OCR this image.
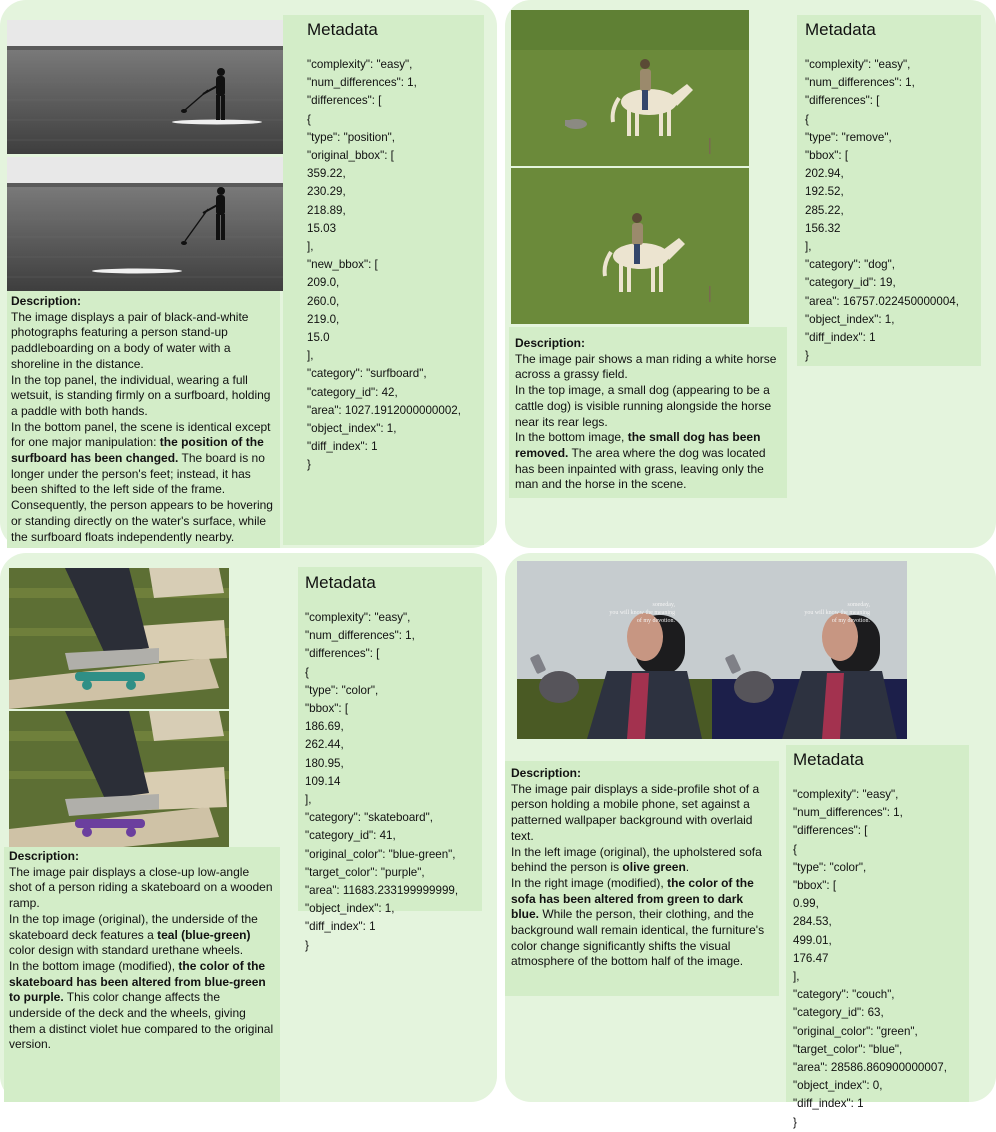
Metadata
"complexity": "easy",
"num_differences": 1,
"differences": [
{
"type": "position",
"original_bbox": [
359.22,
230.29,
218.89,
15.03
],
"new_bbox": [
209.0,
260.0,
219.0,
15.0
],
"category": "surfboard",
"category_id": 42,
"area": 1027.1912000000002,
"object_index": 1,
"diff_index": 1
}
Description:

The image displays a pair of black-and-white photographs featuring a person stand-up paddleboarding on a body of water with a shoreline in the distance.

In the top panel, the individual, wearing a full wetsuit, is standing firmly on a surfboard, holding a paddle with both hands.

In the bottom panel, the scene is identical except for one major manipulation: the position of the surfboard has been changed. The board is no longer under the person's feet; instead, it has been shifted to the left side of the frame. Consequently, the person appears to be hovering or standing directly on the water's surface, while the surfboard floats independently nearby.

Metadata
"complexity": "easy",
"num_differences": 1,
"differences": [
{
"type": "remove",
"bbox": [
202.94,
192.52,
285.22,
156.32
],
"category": "dog",
"category_id": 19,
"area": 16757.022450000004,
"object_index": 1,
"diff_index": 1
}
Description:

The image pair shows a man riding a white horse across a grassy field.

In the top image, a small dog (appearing to be a cattle dog) is visible running alongside the horse near its rear legs.

In the bottom image, the small dog has been removed. The area where the dog was located has been inpainted with grass, leaving only the man and the horse in the scene.

Metadata
"complexity": "easy",
"num_differences": 1,
"differences": [
{
"type": "color",
"bbox": [
186.69,
262.44,
180.95,
109.14
],
"category": "skateboard",
"category_id": 41,
"original_color": "blue-green",
"target_color": "purple",
"area": 11683.233199999999,
"object_index": 1,
"diff_index": 1
}
Description:

The image pair displays a close-up low-angle shot of a person riding a skateboard on a wooden ramp.

In the top image (original), the underside of the skateboard deck features a teal (blue-green) color design with standard urethane wheels.

In the bottom image (modified), the color of the skateboard has been altered from blue-green to purple. This color change affects the underside of the deck and the wheels, giving them a distinct violet hue compared to the original version.

someday,
you will know the meaning
of my devotion.
someday,
you will know the meaning
of my devotion.
Description:

The image pair displays a side-profile shot of a person holding a mobile phone, set against a patterned wallpaper background with overlaid text.

In the left image (original), the upholstered sofa behind the person is olive green.

In the right image (modified), the color of the sofa has been altered from green to dark blue. While the person, their clothing, and the background wall remain identical, the furniture's color change significantly shifts the visual atmosphere of the bottom half of the image.

Metadata
"complexity": "easy",
"num_differences": 1,
"differences": [
{
"type": "color",
"bbox": [
0.99,
284.53,
499.01,
176.47
],
"category": "couch",
"category_id": 63,
"original_color": "green",
"target_color": "blue",
"area": 28586.860900000007,
"object_index": 0,
"diff_index": 1
}
